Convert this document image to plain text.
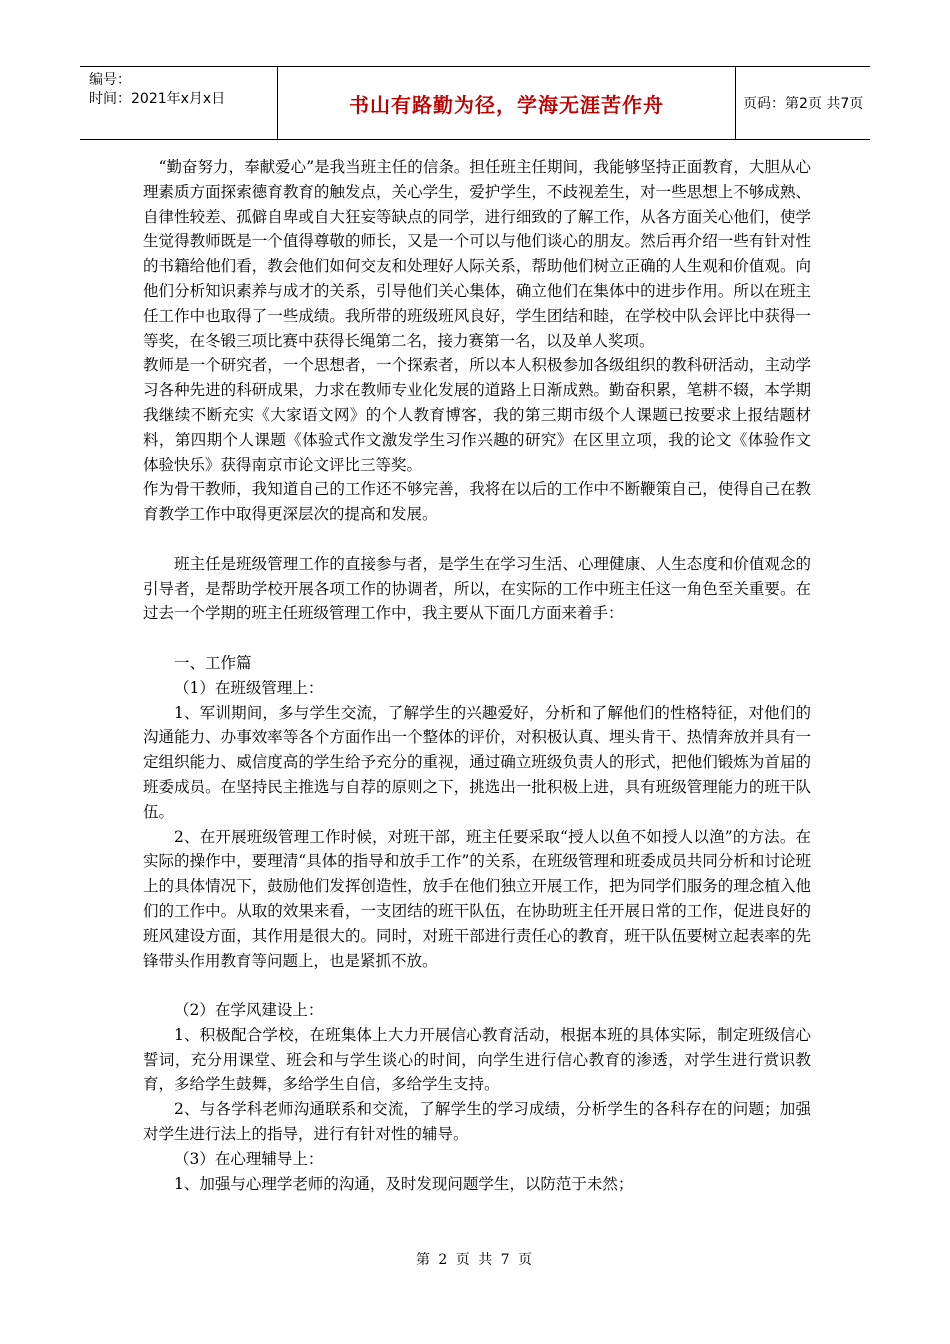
编号：
时间：2021年x月x日	书山有路勤为径，学海无涯苦作舟	页码：第2页 共7页

“勤奋努力，奉献爱心”是我当班主任的信条。担任班主任期间，我能够坚持正面教育，大胆从心理素质方面探索德育教育的触发点，关心学生，爱护学生，不歧视差生，对一些思想上不够成熟、自律性较差、孤僻自卑或自大狂妄等缺点的同学，进行细致的了解工作，从各方面关心他们，使学生觉得教师既是一个值得尊敬的师长，又是一个可以与他们谈心的朋友。然后再介绍一些有针对性的书籍给他们看，教会他们如何交友和处理好人际关系，帮助他们树立正确的人生观和价值观。向他们分析知识素养与成才的关系，引导他们关心集体，确立他们在集体中的进步作用。所以在班主任工作中也取得了一些成绩。我所带的班级班风良好，学生团结和睦，在学校中队会评比中获得一等奖，在冬锻三项比赛中获得长绳第二名，接力赛第一名，以及单人奖项。

教师是一个研究者，一个思想者，一个探索者，所以本人积极参加各级组织的教科研活动，主动学习各种先进的科研成果，力求在教师专业化发展的道路上日渐成熟。勤奋积累，笔耕不辍，本学期我继续不断充实《大家语文网》的个人教育博客，我的第三期市级个人课题已按要求上报结题材料，第四期个人课题《体验式作文激发学生习作兴趣的研究》在区里立项，我的论文《体验作文 体验快乐》获得南京市论文评比三等奖。

作为骨干教师，我知道自己的工作还不够完善，我将在以后的工作中不断鞭策自己，使得自己在教育教学工作中取得更深层次的提高和发展。

班主任是班级管理工作的直接参与者，是学生在学习生活、心理健康、人生态度和价值观念的引导者，是帮助学校开展各项工作的协调者，所以，在实际的工作中班主任这一角色至关重要。在过去一个学期的班主任班级管理工作中，我主要从下面几方面来着手：

一、工作篇

（1）在班级管理上：

1、军训期间，多与学生交流，了解学生的兴趣爱好，分析和了解他们的性格特征，对他们的沟通能力、办事效率等各个方面作出一个整体的评价，对积极认真、埋头肯干、热情奔放并具有一定组织能力、威信度高的学生给予充分的重视，通过确立班级负责人的形式，把他们锻炼为首届的班委成员。在坚持民主推选与自荐的原则之下，挑选出一批积极上进，具有班级管理能力的班干队伍。

2、在开展班级管理工作时候，对班干部，班主任要采取“授人以鱼不如授人以渔”的方法。在实际的操作中，要理清“具体的指导和放手工作”的关系，在班级管理和班委成员共同分析和讨论班上的具体情况下，鼓励他们发挥创造性，放手在他们独立开展工作，把为同学们服务的理念植入他们的工作中。从取的效果来看，一支团结的班干队伍，在协助班主任开展日常的工作，促进良好的班风建设方面，其作用是很大的。同时，对班干部进行责任心的教育，班干队伍要树立起表率的先锋带头作用教育等问题上，也是紧抓不放。

（2）在学风建设上：

1、积极配合学校，在班集体上大力开展信心教育活动，根据本班的具体实际，制定班级信心誓词，充分用课堂、班会和与学生谈心的时间，向学生进行信心教育的渗透，对学生进行赏识教育，多给学生鼓舞，多给学生自信，多给学生支持。

2、与各学科老师沟通联系和交流，了解学生的学习成绩，分析学生的各科存在的问题；加强对学生进行法上的指导，进行有针对性的辅导。

（3）在心理辅导上：

1、加强与心理学老师的沟通，及时发现问题学生，以防范于未然；

第 2 页 共 7 页
